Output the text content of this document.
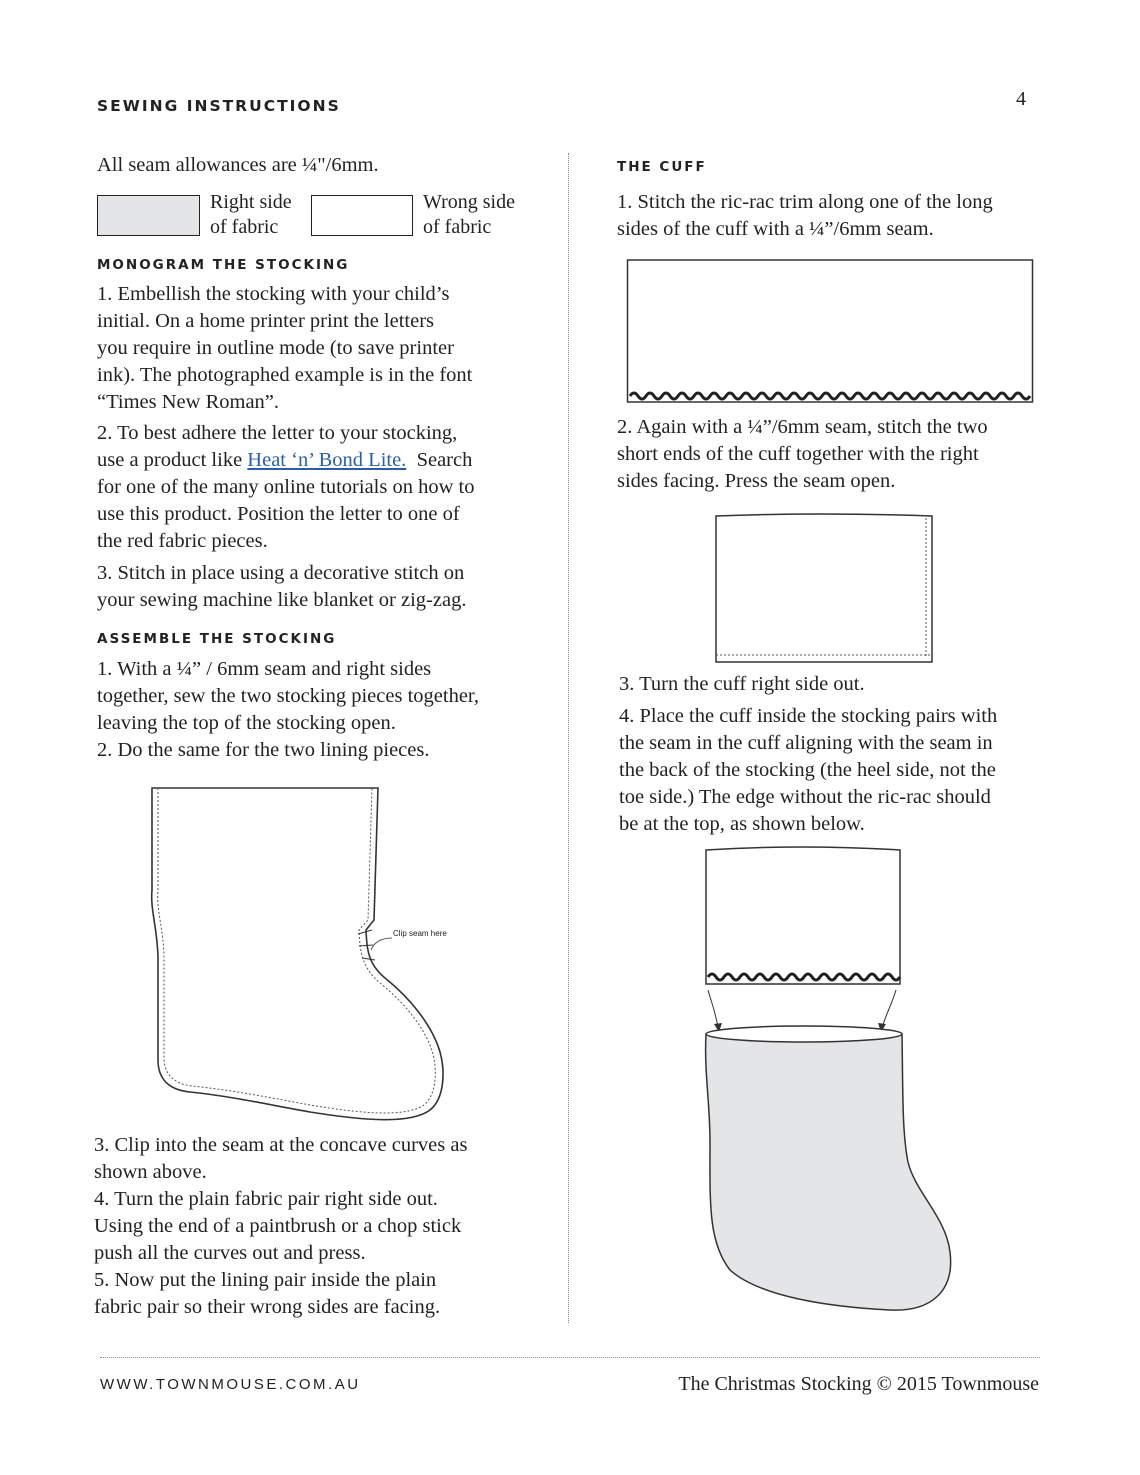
SEWING INSTRUCTIONS	4
All seam allowances are ¼"/6mm.

Right side

of fabric

Wrong side

of fabric

MONOGRAM THE STOCKING

1. Embellish the stocking with your child’s

initial. On a home printer print the letters

you require in outline mode (to save printer

ink). The photographed example is in the font

“Times New Roman”.

2. To best adhere the letter to your stocking,

use a product like Heat ‘n’ Bond Lite.  Search

for one of the many online tutorials on how to

use this product. Position the letter to one of

the red fabric pieces.

3. Stitch in place using a decorative stitch on

your sewing machine like blanket or zig-zag.

ASSEMBLE THE STOCKING

1. With a ¼” / 6mm seam and right sides

together, sew the two stocking pieces together,

leaving the top of the stocking open.

2. Do the same for the two lining pieces.

Clip seam here

3. Clip into the seam at the concave curves as

shown above.

4. Turn the plain fabric pair right side out.

Using the end of a paintbrush or a chop stick

push all the curves out and press.

5. Now put the lining pair inside the plain

fabric pair so their wrong sides are facing.

THE CUFF

1. Stitch the ric-rac trim along one of the long

sides of the cuff with a ¼”/6mm seam.

2. Again with a ¼”/6mm seam, stitch the two

short ends of the cuff together with the right

sides facing. Press the seam open.

3. Turn the cuff right side out.

4. Place the cuff inside the stocking pairs with

the seam in the cuff aligning with the seam in

the back of the stocking (the heel side, not the

toe side.) The edge without the ric-rac should

be at the top, as shown below.

WWW.TOWNMOUSE.COM.AU	The Christmas Stocking © 2015 Townmouse
